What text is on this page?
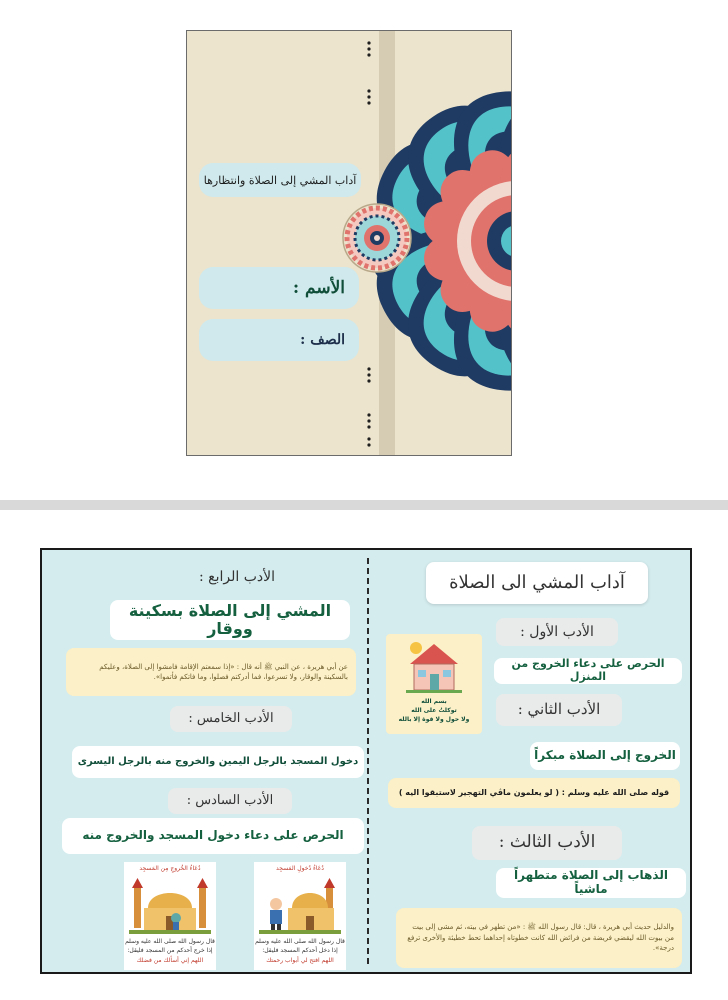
آداب المشي إلى الصلاة وانتظارها
الأسم :
الصف :
آداب المشي الى الصلاة
الأدب الأول :
الحرص على دعاء الخروج من المنزل
بسم الله
توكلتُ على الله
ولا حول ولا قوة إلا بالله
الأدب الثاني :
الخروج إلى الصلاة مبكراً
قوله صلى الله عليه وسلم : ( لو يعلمون ماڤي التهجير لاستبقوا اليه )
الأدب الثالث :
الذهاب إلى الصلاة متطهراً ماشياً
والدليل حديث أبي هريرة ، قال: قال رسول الله ﷺ : «من تطهر في بيته، ثم مشى إلى بيت من بيوت الله ليقضي فريضة من فرائض الله كانت خطوتاه إحداهما تحط خطيئة والأخرى ترفع درجة».
الأدب الرابع :
المشي إلى الصلاة بسكينة ووقار
عن أبي هريرة ، عن النبي ﷺ أنه قال : «إذا سمعتم الإقامة فامشوا إلى الصلاة، وعليكم بالسكينة والوقار، ولا تسرعوا، فما أدركتم فصلوا، وما فاتكم فأتموا».
الأدب الخامس :
دخول المسجد بالرجل اليمين والخروج منه بالرجل اليسرى
الأدب السادس :
الحرص على دعاء دخول المسجد والخروج منه
دُعَاءُ الخُروجِ مِن المَسجِد
قال رسول الله صلى الله عليه وسلم
إذا خرج أحدكم من المسجد فليقل:
اللهم إني أسألك من فضلك
دُعَاءُ دُخولِ المَسجِد
قال رسول الله صلى الله عليه وسلم
إذا دخل أحدكم المسجد فليقل:
اللهم افتح لي أبواب رحمتك
